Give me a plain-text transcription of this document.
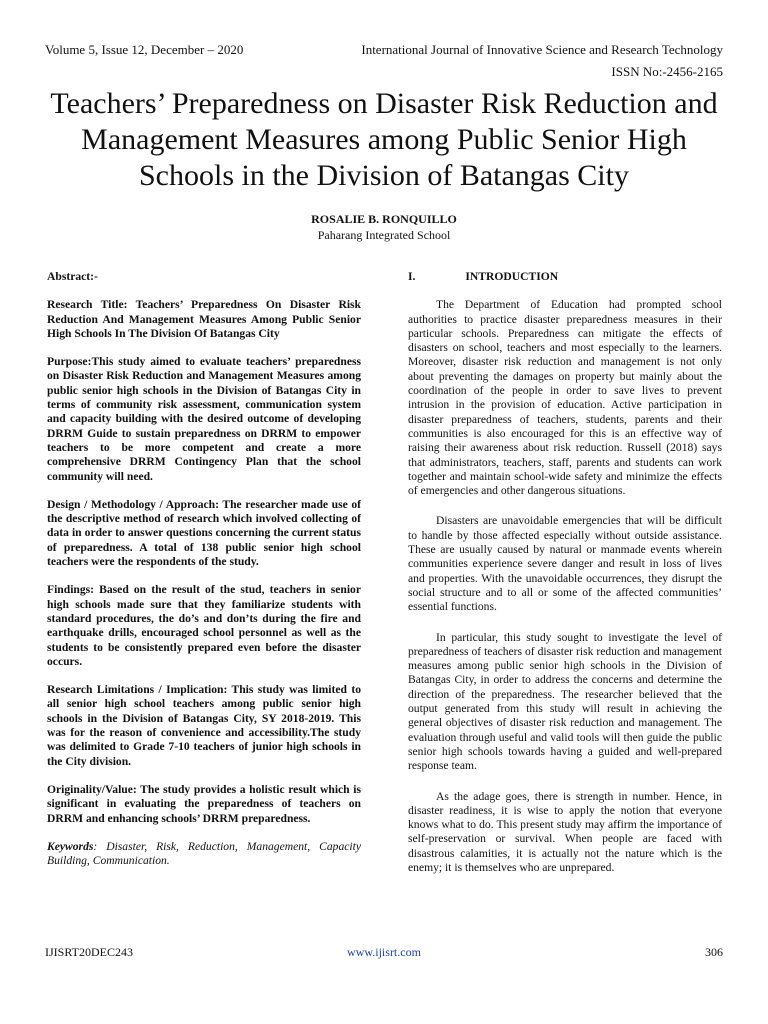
Volume 5, Issue 12, December – 2020	International Journal of Innovative Science and Research Technology
ISSN No:-2456-2165
Teachers’ Preparedness on Disaster Risk Reduction and Management Measures among Public Senior High Schools in the Division of Batangas City
ROSALIE B. RONQUILLO
Paharang Integrated School

Abstract:-

Research Title: Teachers’ Preparedness On Disaster Risk Reduction And Management Measures Among Public Senior High Schools In The Division Of Batangas City

Purpose:This study aimed to evaluate teachers’ preparedness on Disaster Risk Reduction and Management Measures among public senior high schools in the Division of Batangas City in terms of community risk assessment, communication system and capacity building with the desired outcome of developing DRRM Guide to sustain preparedness on DRRM to empower teachers to be more competent and create a more comprehensive DRRM Contingency Plan that the school community will need.

Design / Methodology / Approach: The researcher made use of the descriptive method of research which involved collecting of data in order to answer questions concerning the current status of preparedness. A total of 138 public senior high school teachers were the respondents of the study.

Findings: Based on the result of the stud, teachers in senior high schools made sure that they familiarize students with standard procedures, the do’s and don’ts during the fire and earthquake drills, encouraged school personnel as well as the students to be consistently prepared even before the disaster occurs.

Research Limitations / Implication: This study was limited to all senior high school teachers among public senior high schools in the Division of Batangas City, SY 2018-2019. This was for the reason of convenience and accessibility.The study was delimited to Grade 7-10 teachers of junior high schools in the City division.

Originality/Value: The study provides a holistic result which is significant in evaluating the preparedness of teachers on DRRM and enhancing schools’ DRRM preparedness.

Keywords: Disaster, Risk, Reduction, Management, Capacity Building, Communication.

I.	INTRODUCTION

The Department of Education had prompted school authorities to practice disaster preparedness measures in their particular schools. Preparedness can mitigate the effects of disasters on school, teachers and most especially to the learners. Moreover, disaster risk reduction and management is not only about preventing the damages on property but mainly about the coordination of the people in order to save lives to prevent intrusion in the provision of education. Active participation in disaster preparedness of teachers, students, parents and their communities is also encouraged for this is an effective way of raising their awareness about risk reduction. Russell (2018) says that administrators, teachers, staff, parents and students can work together and maintain school-wide safety and minimize the effects of emergencies and other dangerous situations.

Disasters are unavoidable emergencies that will be difficult to handle by those affected especially without outside assistance. These are usually caused by natural or manmade events wherein communities experience severe danger and result in loss of lives and properties. With the unavoidable occurrences, they disrupt the social structure and to all or some of the affected communities’ essential functions.

In particular, this study sought to investigate the level of preparedness of teachers of disaster risk reduction and management measures among public senior high schools in the Division of Batangas City, in order to address the concerns and determine the direction of the preparedness. The researcher believed that the output generated from this study will result in achieving the general objectives of disaster risk reduction and management. The evaluation through useful and valid tools will then guide the public senior high schools towards having a guided and well-prepared response team.

As the adage goes, there is strength in number. Hence, in disaster readiness, it is wise to apply the notion that everyone knows what to do. This present study may affirm the importance of self-preservation or survival. When people are faced with disastrous calamities, it is actually not the nature which is the enemy; it is themselves who are unprepared.

IJISRT20DEC243	www.ijisrt.com	306
